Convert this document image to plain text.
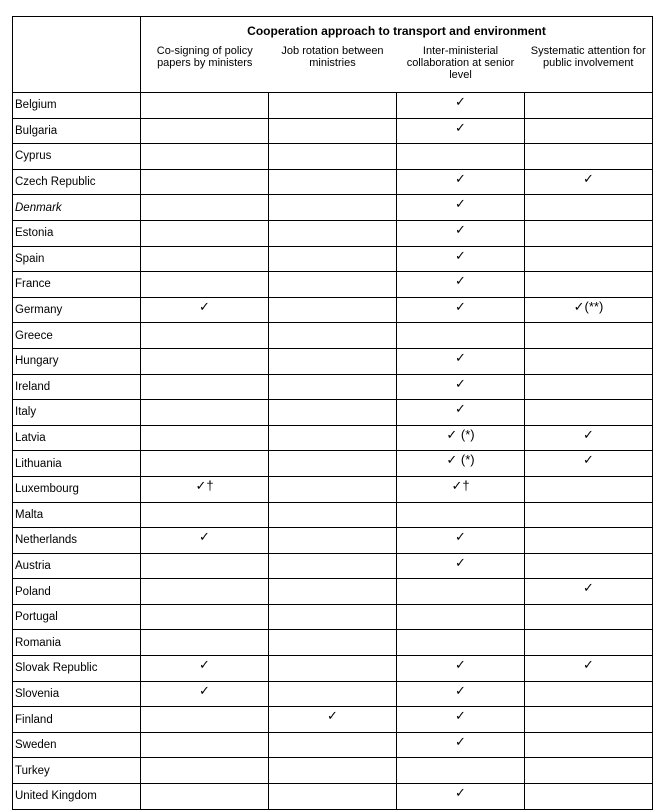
	Cooperation approach to transport and environment			
	Co-signing of policy papers by ministers	Job rotation between ministries	Inter-ministerial collaboration at senior level	Systematic attention for public involvement
Belgium			✓	
Bulgaria			✓	
Cyprus				
Czech Republic			✓	✓
Denmark			✓	
Estonia			✓	
Spain			✓	
France			✓	
Germany	✓		✓	✓(**)
Greece				
Hungary			✓	
Ireland			✓	
Italy			✓	
Latvia			✓ (*)	✓
Lithuania			✓ (*)	✓
Luxembourg	✓†		✓†	
Malta				
Netherlands	✓		✓	
Austria			✓	
Poland				✓
Portugal				
Romania				
Slovak Republic	✓		✓	✓
Slovenia	✓		✓	
Finland		✓	✓	
Sweden			✓	
Turkey				
United Kingdom			✓	
